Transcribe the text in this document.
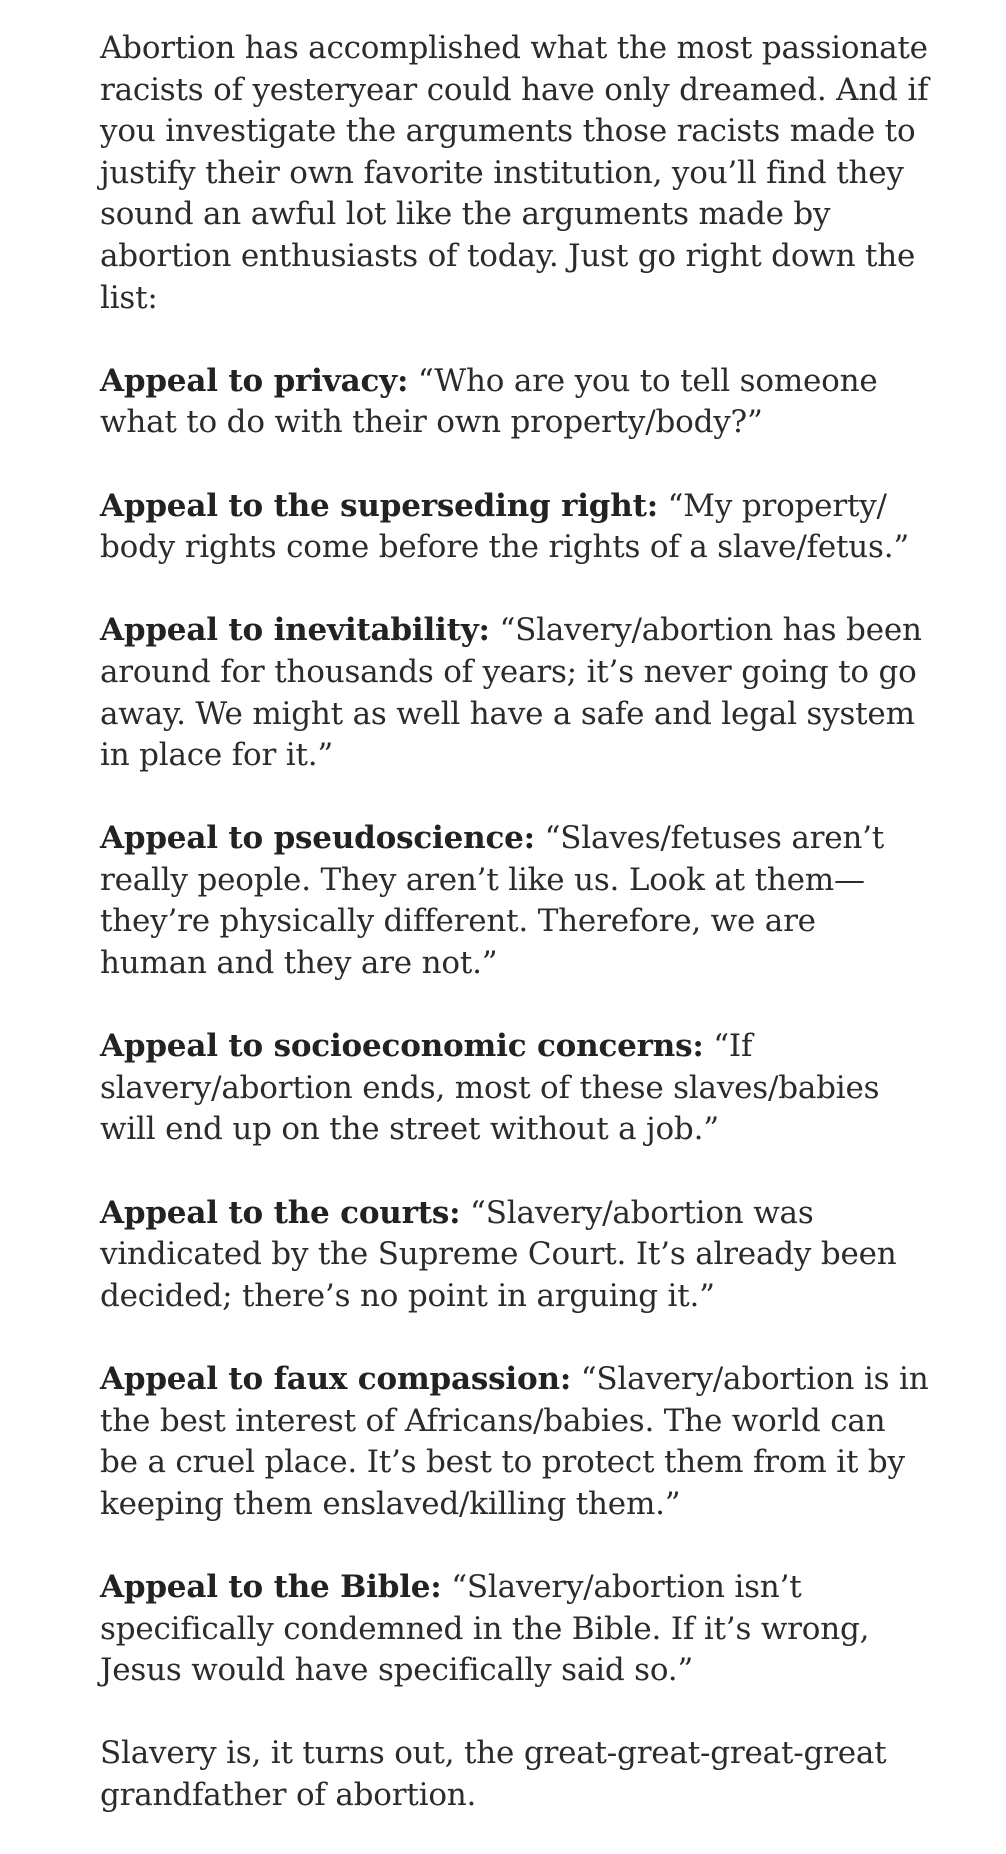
Abortion has accomplished what the most passionate racists of yesteryear could have only dreamed. And if you investigate the arguments those racists made to justify their own favorite institution, you’ll find they sound an awful lot like the arguments made by abortion enthusiasts of today. Just go right down the list:

Appeal to privacy: “Who are you to tell someone what to do with their own property/body?”

Appeal to the superseding right: “My property/ body rights come before the rights of a slave/fetus.”

Appeal to inevitability: “Slavery/abortion has been around for thousands of years; it’s never going to go away. We might as well have a safe and legal system in place for it.”

Appeal to pseudoscience: “Slaves/fetuses aren’t really people. They aren’t like us. Look at them—they’re physically different. Therefore, we are human and they are not.”

Appeal to socioeconomic concerns: “If slavery/abortion ends, most of these slaves/babies will end up on the street without a job.”

Appeal to the courts: “Slavery/abortion was vindicated by the Supreme Court. It’s already been decided; there’s no point in arguing it.”

Appeal to faux compassion: “Slavery/abortion is in the best interest of Africans/babies. The world can be a cruel place. It’s best to protect them from it by keeping them enslaved/killing them.”

Appeal to the Bible: “Slavery/abortion isn’t specifically condemned in the Bible. If it’s wrong, Jesus would have specifically said so.”

Slavery is, it turns out, the great-great-great-great grandfather of abortion.
